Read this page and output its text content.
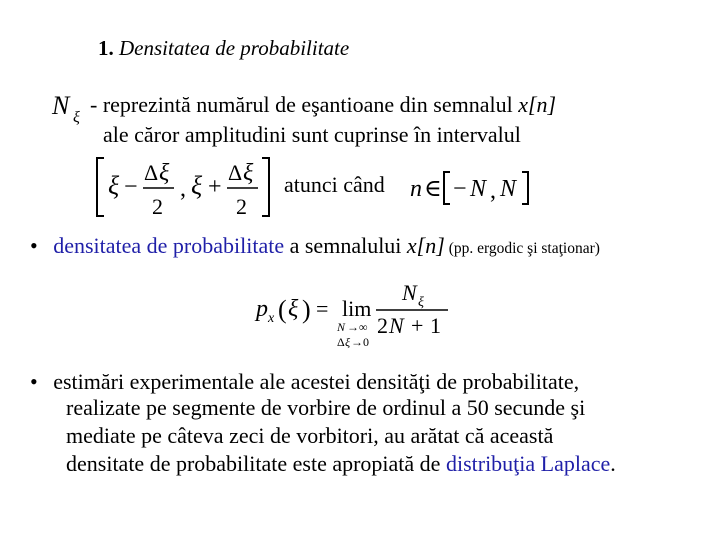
1. Densitatea de probabilitate
N ξ
- reprezintă numărul de eşantioane din semnalul x[n]
ale căror amplitudini sunt cuprinse în intervalul
ξ −
Δ ξ
2
, ξ +
Δ ξ
2
atunci când n ∈ − N , N
• densitatea de probabilitate a semnalului x[n] (pp. ergodic şi staţionar)
p x ( ξ ) = lim
N →∞
Δ ξ →0
N ξ
2 N + 1
• estimări experimentale ale acestei densităţi de probabilitate,
realizate pe segmente de vorbire de ordinul a 50 secunde şi
mediate pe câteva zeci de vorbitori, au arătat că această
densitate de probabilitate este apropiată de distribuţia Laplace.
